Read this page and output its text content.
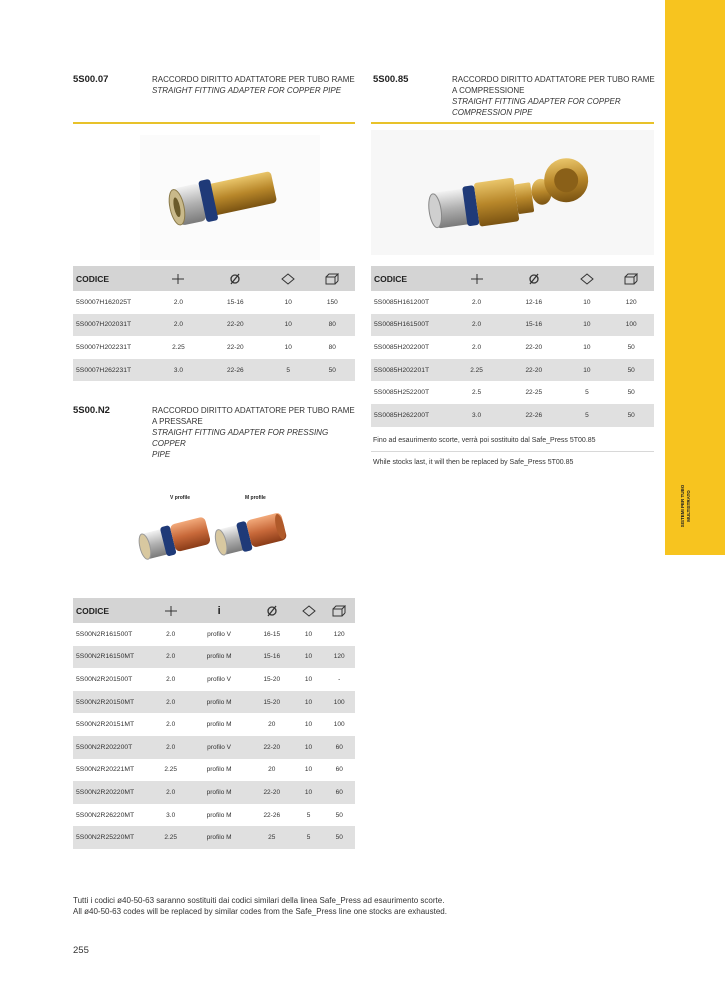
SISTEMI PER TUBO MULTISTRATO
5S00.07	RACCORDO DIRITTO ADATTATORE PER TUBO RAME
STRAIGHT FITTING ADAPTER FOR COPPER PIPE
5S00.85	RACCORDO DIRITTO ADATTATORE PER TUBO RAME
A COMPRESSIONE
STRAIGHT FITTING ADAPTER FOR COPPER
COMPRESSION PIPE
CODICE				
5S0007H162025T	2.0	15-16	10	150
5S0007H202031T	2.0	22-20	10	80
5S0007H202231T	2.25	22-20	10	80
5S0007H262231T	3.0	22-26	5	50
CODICE				
5S0085H161200T	2.0	12-16	10	120
5S0085H161500T	2.0	15-16	10	100
5S0085H202200T	2.0	22-20	10	50
5S0085H202201T	2.25	22-20	10	50
5S0085H252200T	2.5	22-25	5	50
5S0085H262200T	3.0	22-26	5	50
Fino ad esaurimento scorte, verrà poi sostituito dal Safe_Press 5T00.85
While stocks last, it will then be replaced by Safe_Press 5T00.85
5S00.N2	RACCORDO DIRITTO ADATTATORE PER TUBO RAME
A PRESSARE
STRAIGHT FITTING ADAPTER FOR PRESSING COPPER
PIPE
V profile	M profile
CODICE		i			
5S00N2R161500T	2.0	profilo V	16-15	10	120
5S00N2R16150MT	2.0	profilo M	15-16	10	120
5S00N2R201500T	2.0	profilo V	15-20	10	-
5S00N2R20150MT	2.0	profilo M	15-20	10	100
5S00N2R20151MT	2.0	profilo M	20	10	100
5S00N2R202200T	2.0	profilo V	22-20	10	60
5S00N2R20221MT	2.25	profilo M	20	10	60
5S00N2R20220MT	2.0	profilo M	22-20	10	60
5S00N2R26220MT	3.0	profilo M	22-26	5	50
5S00N2R25220MT	2.25	profilo M	25	5	50
Tutti i codici ø40-50-63 saranno sostituiti dai codici similari della linea Safe_Press ad esaurimento scorte.
All ø40-50-63 codes will be replaced by similar codes from the Safe_Press line one stocks are exhausted.
255
